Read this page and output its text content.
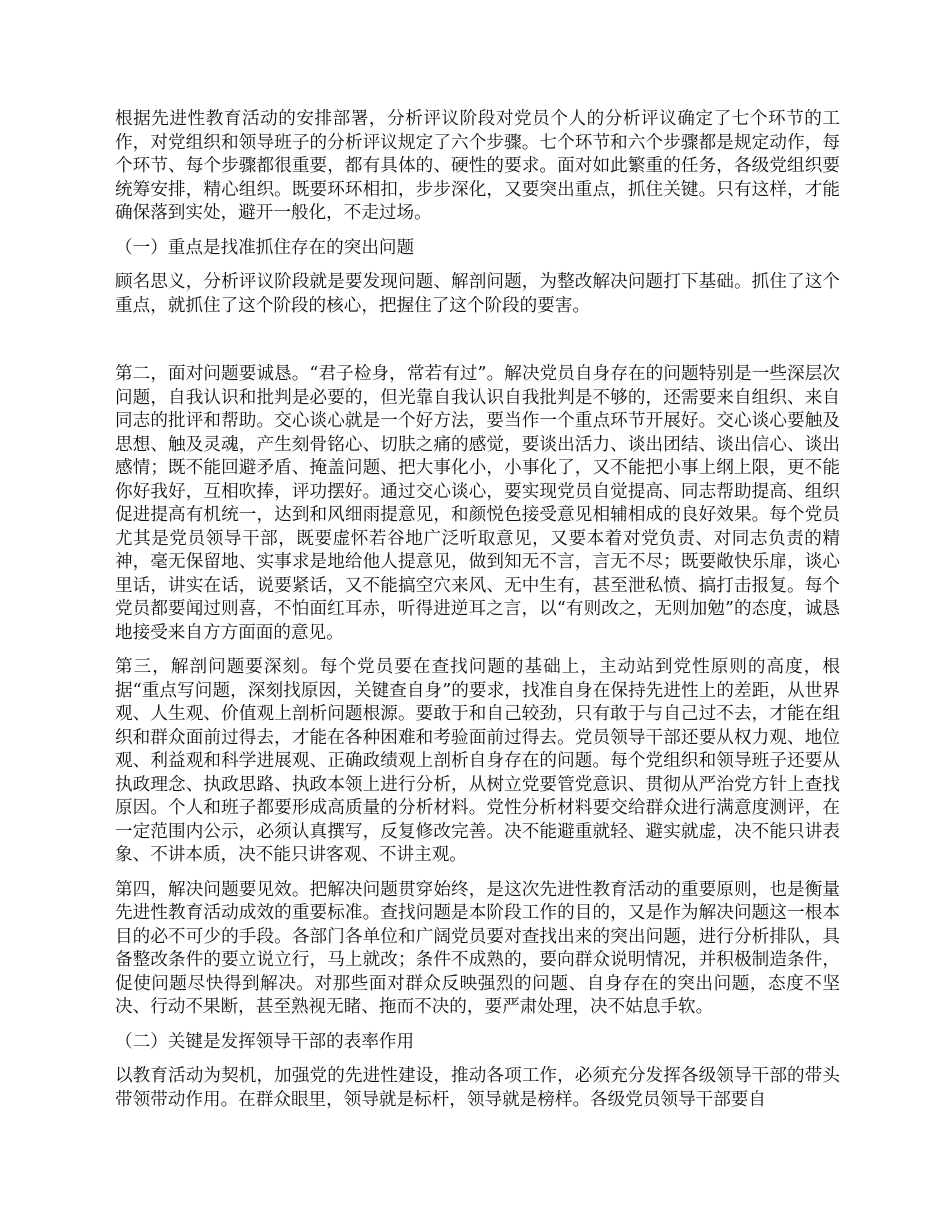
根据先进性教育活动的安排部署，分析评议阶段对党员个人的分析评议确定了七个环节的工作，对党组织和领导班子的分析评议规定了六个步骤。七个环节和六个步骤都是规定动作，每个环节、每个步骤都很重要，都有具体的、硬性的要求。面对如此繁重的任务，各级党组织要统筹安排，精心组织。既要环环相扣，步步深化，又要突出重点，抓住关键。只有这样，才能确保落到实处，避开一般化，不走过场。

（一）重点是找准抓住存在的突出问题

顾名思义，分析评议阶段就是要发现问题、解剖问题，为整改解决问题打下基础。抓住了这个重点，就抓住了这个阶段的核心，把握住了这个阶段的要害。

第二，面对问题要诚恳。“君子检身，常若有过”。解决党员自身存在的问题特别是一些深层次问题，自我认识和批判是必要的，但光靠自我认识自我批判是不够的，还需要来自组织、来自同志的批评和帮助。交心谈心就是一个好方法，要当作一个重点环节开展好。交心谈心要触及思想、触及灵魂，产生刻骨铭心、切肤之痛的感觉，要谈出活力、谈出团结、谈出信心、谈出感情；既不能回避矛盾、掩盖问题、把大事化小，小事化了，又不能把小事上纲上限，更不能你好我好，互相吹捧，评功摆好。通过交心谈心，要实现党员自觉提高、同志帮助提高、组织促进提高有机统一，达到和风细雨提意见，和颜悦色接受意见相辅相成的良好效果。每个党员尤其是党员领导干部，既要虚怀若谷地广泛听取意见，又要本着对党负责、对同志负责的精神，毫无保留地、实事求是地给他人提意见，做到知无不言，言无不尽；既要敞快乐扉，谈心里话，讲实在话，说要紧话，又不能搞空穴来风、无中生有，甚至泄私愤、搞打击报复。每个党员都要闻过则喜，不怕面红耳赤，听得进逆耳之言，以“有则改之，无则加勉”的态度，诚恳地接受来自方方面面的意见。

第三，解剖问题要深刻。每个党员要在查找问题的基础上，主动站到党性原则的高度，根据“重点写问题，深刻找原因，关键查自身”的要求，找准自身在保持先进性上的差距，从世界观、人生观、价值观上剖析问题根源。要敢于和自己较劲，只有敢于与自己过不去，才能在组织和群众面前过得去，才能在各种困难和考验面前过得去。党员领导干部还要从权力观、地位观、利益观和科学进展观、正确政绩观上剖析自身存在的问题。每个党组织和领导班子还要从执政理念、执政思路、执政本领上进行分析，从树立党要管党意识、贯彻从严治党方针上查找原因。个人和班子都要形成高质量的分析材料。党性分析材料要交给群众进行满意度测评，在一定范围内公示，必须认真撰写，反复修改完善。决不能避重就轻、避实就虚，决不能只讲表象、不讲本质，决不能只讲客观、不讲主观。

第四，解决问题要见效。把解决问题贯穿始终，是这次先进性教育活动的重要原则，也是衡量先进性教育活动成效的重要标准。查找问题是本阶段工作的目的，又是作为解决问题这一根本目的必不可少的手段。各部门各单位和广阔党员要对查找出来的突出问题，进行分析排队，具备整改条件的要立说立行，马上就改；条件不成熟的，要向群众说明情况，并积极制造条件，促使问题尽快得到解决。对那些面对群众反映强烈的问题、自身存在的突出问题，态度不坚决、行动不果断，甚至熟视无睹、拖而不决的，要严肃处理，决不姑息手软。

（二）关键是发挥领导干部的表率作用

以教育活动为契机，加强党的先进性建设，推动各项工作，必须充分发挥各级领导干部的带头带领带动作用。在群众眼里，领导就是标杆，领导就是榜样。各级党员领导干部要自
